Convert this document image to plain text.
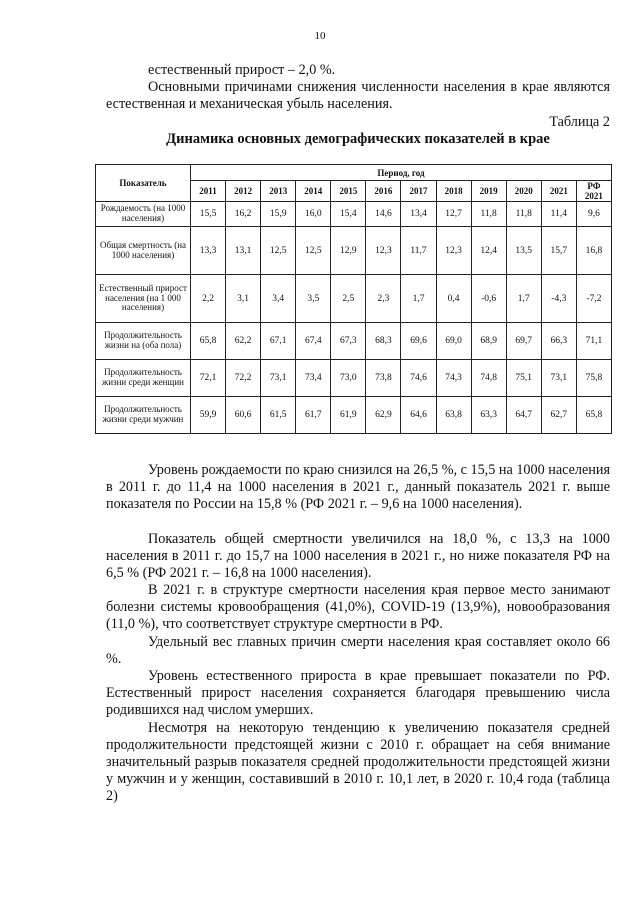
10

естественный прирост – 2,0 %.

Основными причинами снижения численности населения в крае являются естественная и механическая убыль населения.

Таблица 2
Динамика основных демографических показателей в крае
Показатель	Период, год											
	2011	2012	2013	2014	2015	2016	2017	2018	2019	2020	2021	РФ 2021
Рождаемость (на 1000 населения)	15,5	16,2	15,9	16,0	15,4	14,6	13,4	12,7	11,8	11,8	11,4	9,6
Общая смертность (на 1000 населения)	13,3	13,1	12,5	12,5	12,9	12,3	11,7	12,3	12,4	13,5	15,7	16,8
Естественный прирост населения (на 1 000 населения)	2,2	3,1	3,4	3,5	2,5	2,3	1,7	0,4	-0,6	1,7	-4,3	-7,2
Продолжительность жизни на (оба пола)	65,8	62,2	67,1	67,4	67,3	68,3	69,6	69,0	68,9	69,7	66,3	71,1
Продолжительность жизни среди женщин	72,1	72,2	73,1	73,4	73,0	73,8	74,6	74,3	74,8	75,1	73,1	75,8
Продолжительность жизни среди мужчин	59,9	60,6	61,5	61,7	61,9	62,9	64,6	63,8	63,3	64,7	62,7	65,8

Уровень рождаемости по краю снизился на 26,5 %, с 15,5 на 1000 населения в 2011 г. до 11,4 на 1000 населения в 2021 г., данный показатель 2021 г. выше показателя по России на 15,8 % (РФ 2021 г. – 9,6 на 1000 населения).

Показатель общей смертности увеличился на 18,0 %, с 13,3 на 1000 населения в 2011 г. до 15,7 на 1000 населения в 2021 г., но ниже показателя РФ на 6,5 % (РФ 2021 г. – 16,8 на 1000 населения).

В 2021 г. в структуре смертности населения края первое место занимают болезни системы кровообращения (41,0%), COVID-19 (13,9%), новообразования (11,0 %), что соответствует структуре смертности в РФ.

Удельный вес главных причин смерти населения края составляет около 66 %.

Уровень естественного прироста в крае превышает показатели по РФ. Естественный прирост населения сохраняется благодаря превышению числа родившихся над числом умерших.

Несмотря на некоторую тенденцию к увеличению показателя средней продолжительности предстоящей жизни с 2010 г. обращает на себя внимание значительный разрыв показателя средней продолжительности предстоящей жизни у мужчин и у женщин, составивший в 2010 г. 10,1 лет, в 2020 г. 10,4 года (таблица 2)
